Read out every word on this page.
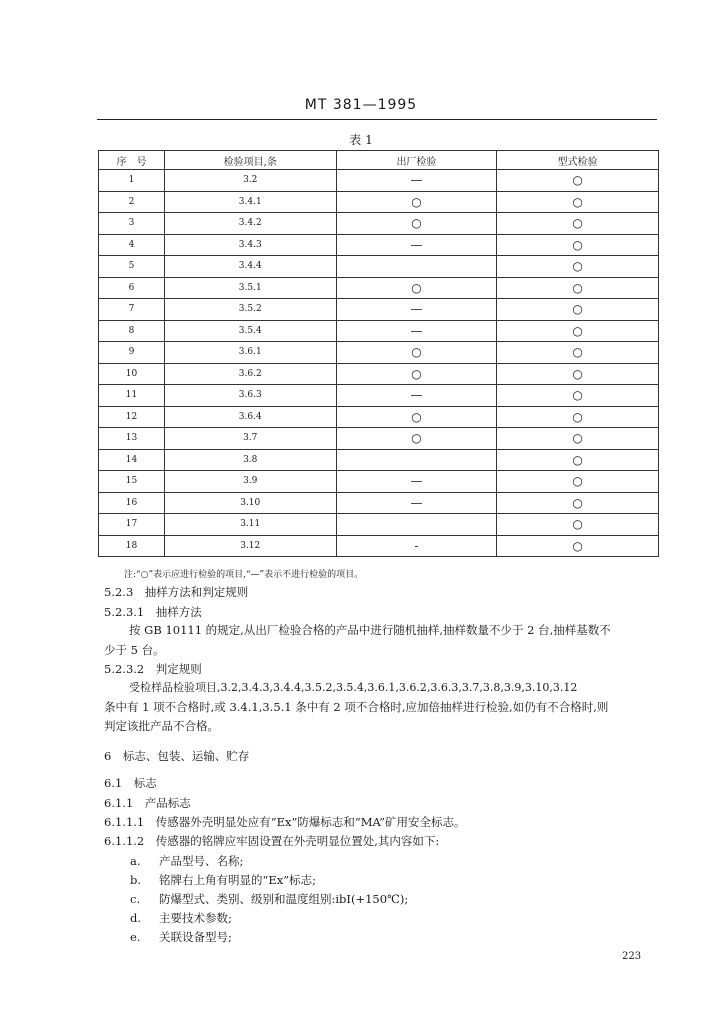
MT 381—1995
表 1
序　号	检验项目,条	出厂检验	型式检验
1	3.2	—	○
2	3.4.1	○	○
3	3.4.2	○	○
4	3.4.3	—	○
5	3.4.4		○
6	3.5.1	○	○
7	3.5.2	—	○
8	3.5.4	—	○
9	3.6.1	○	○
10	3.6.2	○	○
11	3.6.3	—	○
12	3.6.4	○	○
13	3.7	○	○
14	3.8		○
15	3.9	—	○
16	3.10	—	○
17	3.11		○
18	3.12	-	○
注:“○”表示应进行检验的项目,“—”表示不进行检验的项目。
5.2.3　抽样方法和判定规则
5.2.3.1　抽样方法
按 GB 10111 的规定,从出厂检验合格的产品中进行随机抽样,抽样数量不少于 2 台,抽样基数不
少于 5 台。
5.2.3.2　判定规则
受检样品检验项目,3.2,3.4.3,3.4.4,3.5.2,3.5.4,3.6.1,3.6.2,3.6.3,3.7,3.8,3.9,3.10,3.12
条中有 1 项不合格时,或 3.4.1,3.5.1 条中有 2 项不合格时,应加倍抽样进行检验,如仍有不合格时,则
判定该批产品不合格。
6　标志、包装、运输、贮存
6.1　标志
6.1.1　产品标志
6.1.1.1　传感器外壳明显处应有“Ex”防爆标志和“MA”矿用安全标志。
6.1.1.2　传感器的铭牌应牢固设置在外壳明显位置处,其内容如下:
a. 产品型号、名称;
b. 铭牌右上角有明显的“Ex”标志;
c. 防爆型式、类别、级别和温度组别:ibI(+150℃);
d. 主要技术参数;
e. 关联设备型号;
223
